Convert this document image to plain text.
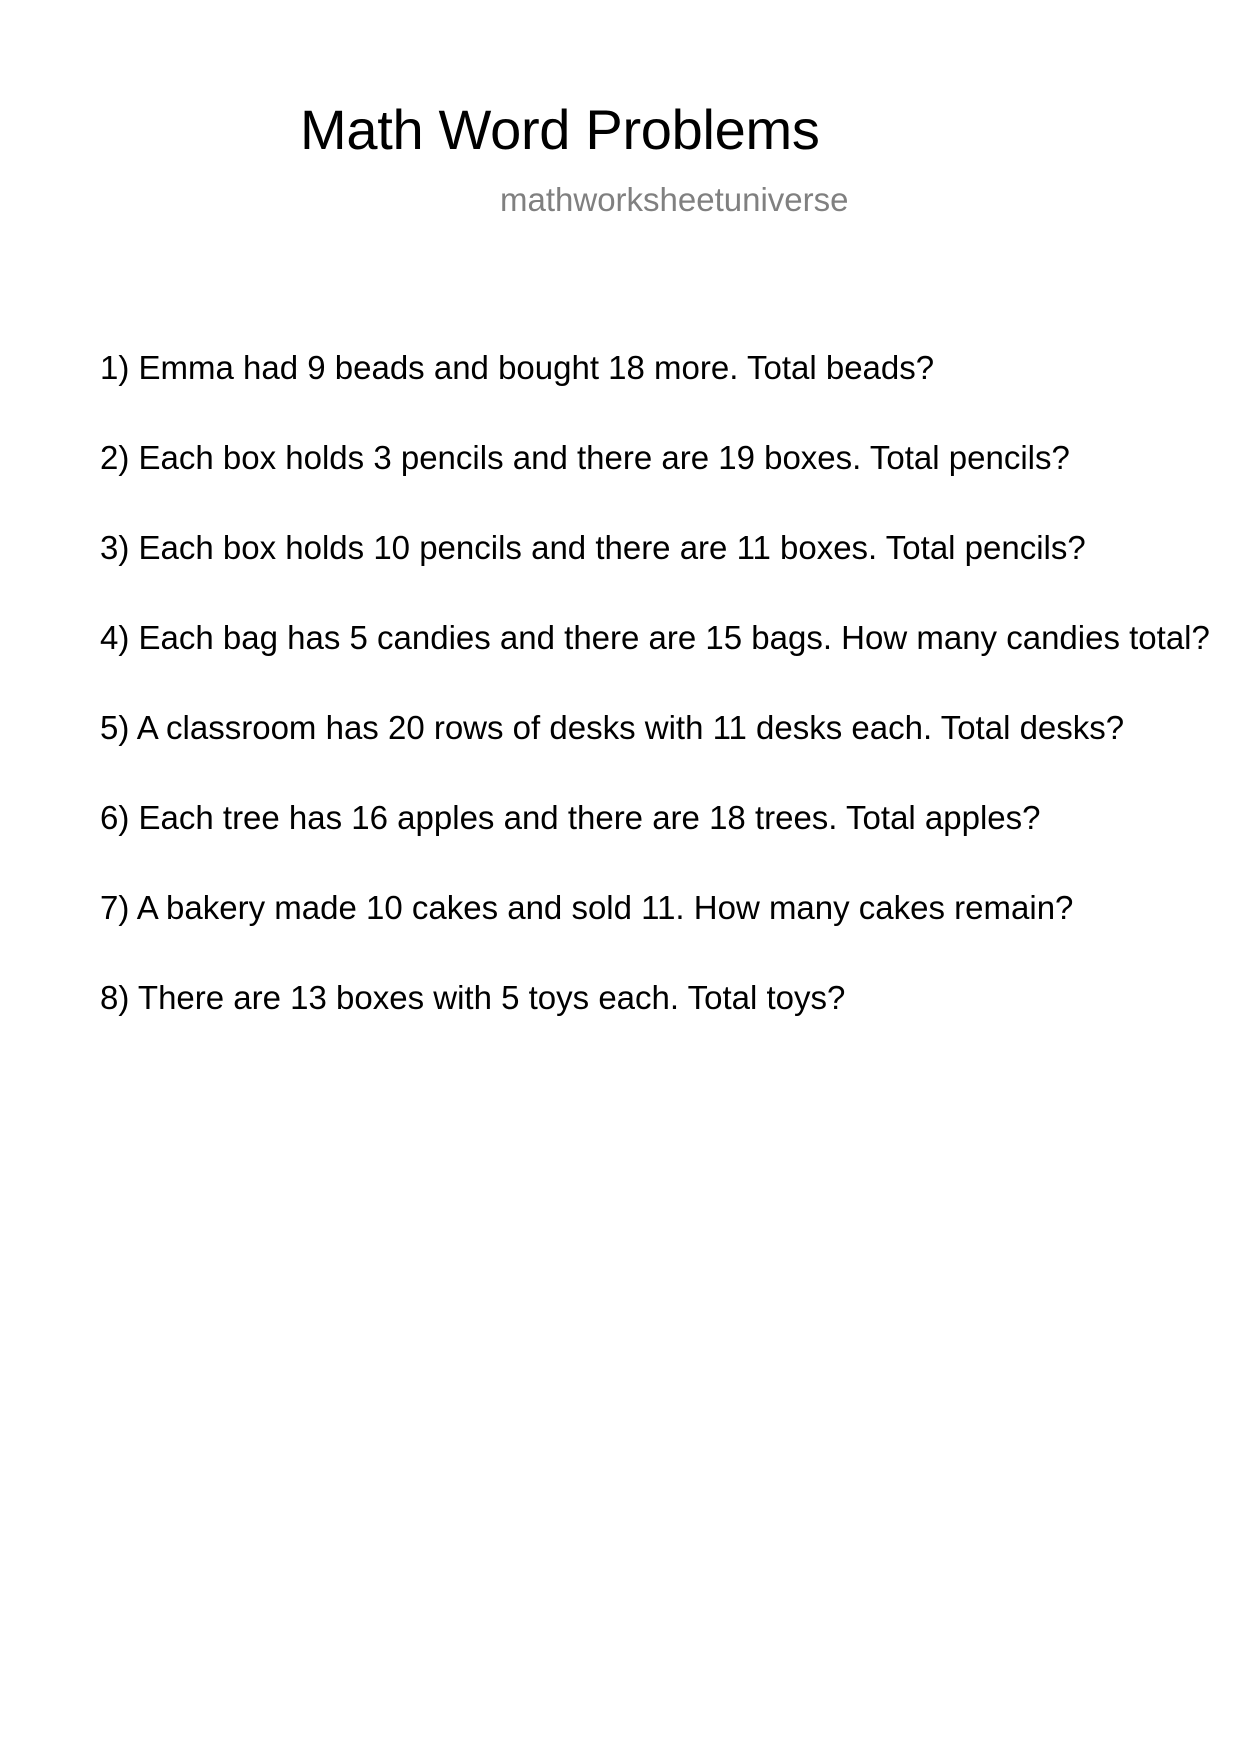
Math Word Problems
mathworksheetuniverse
1) Emma had 9 beads and bought 18 more. Total beads?
2) Each box holds 3 pencils and there are 19 boxes. Total pencils?
3) Each box holds 10 pencils and there are 11 boxes. Total pencils?
4) Each bag has 5 candies and there are 15 bags. How many candies total?
5) A classroom has 20 rows of desks with 11 desks each. Total desks?
6) Each tree has 16 apples and there are 18 trees. Total apples?
7) A bakery made 10 cakes and sold 11. How many cakes remain?
8) There are 13 boxes with 5 toys each. Total toys?
